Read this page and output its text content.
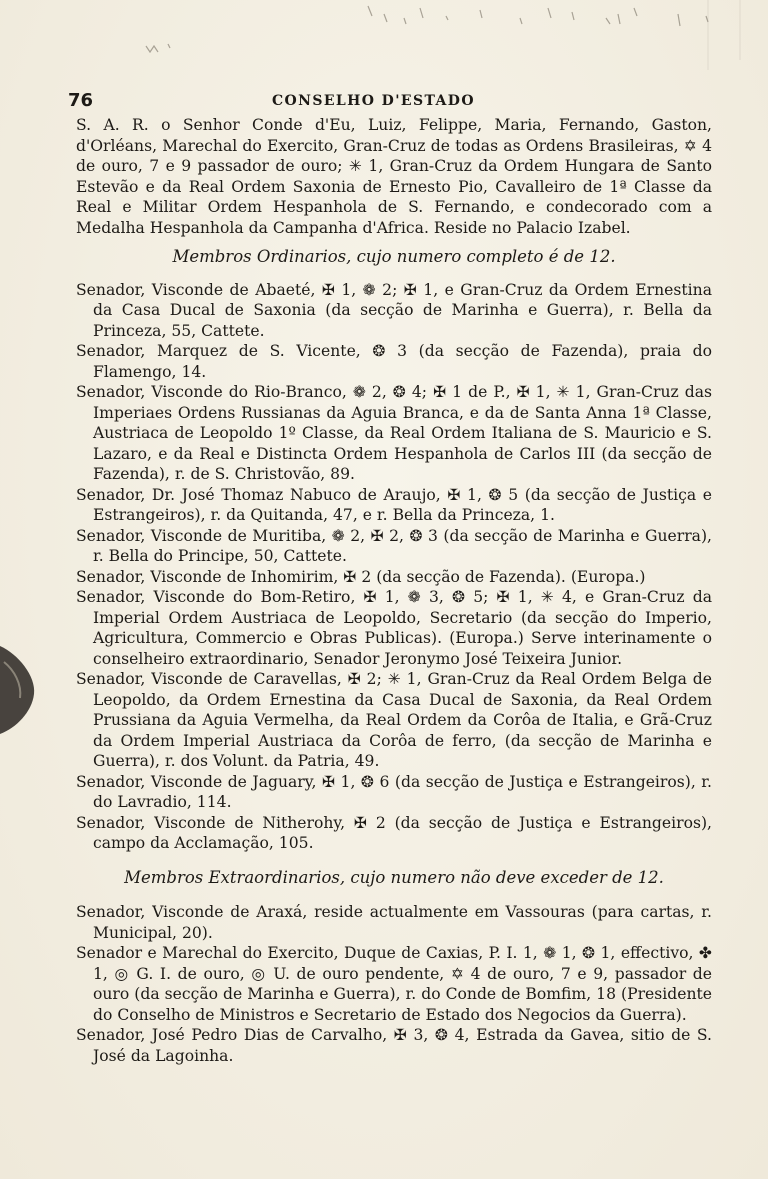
76	CONSELHO D'ESTADO

S. A. R. o Senhor Conde d'Eu, Luiz, Felippe, Maria, Fernando, Gaston, d'Orléans, Marechal do Exercito, Gran-Cruz de todas as Ordens Brasileiras, ✡ 4 de ouro, 7 e 9 passador de ouro; ✳ 1, Gran-Cruz da Ordem Hungara de Santo Estevão e da Real Ordem Saxonia de Ernesto Pio, Cavalleiro de 1ª Classe da Real e Militar Ordem Hespanhola de S. Fernando, e condecorado com a Medalha Hespanhola da Campanha d'Africa. Reside no Palacio Izabel.

Membros Ordinarios, cujo numero completo é de 12.

Senador, Visconde de Abaeté, ✠ 1, ❁ 2; ✠ 1, e Gran-Cruz da Ordem Ernestina da Casa Ducal de Saxonia (da secção de Marinha e Guerra), r. Bella da Princeza, 55, Cattete.

Senador, Marquez de S. Vicente, ❂ 3 (da secção de Fazenda), praia do Flamengo, 14.

Senador, Visconde do Rio-Branco, ❁ 2, ❂ 4; ✠ 1 de P., ✠ 1, ✳ 1, Gran-Cruz das Imperiaes Ordens Russianas da Aguia Branca, e da de Santa Anna 1ª Classe, Austriaca de Leopoldo 1º Classe, da Real Ordem Italiana de S. Mauricio e S. Lazaro, e da Real e Distincta Ordem Hespanhola de Carlos III (da secção de Fazenda), r. de S. Christovão, 89.

Senador, Dr. José Thomaz Nabuco de Araujo, ✠ 1, ❂ 5 (da secção de Justiça e Estrangeiros), r. da Quitanda, 47, e r. Bella da Princeza, 1.

Senador, Visconde de Muritiba, ❁ 2, ✠ 2, ❂ 3 (da secção de Marinha e Guerra), r. Bella do Principe, 50, Cattete.

Senador, Visconde de Inhomirim, ✠ 2 (da secção de Fazenda). (Europa.)

Senador, Visconde do Bom-Retiro, ✠ 1, ❁ 3, ❂ 5; ✠ 1, ✳ 4, e Gran-Cruz da Imperial Ordem Austriaca de Leopoldo, Secretario (da secção do Imperio, Agricultura, Commercio e Obras Publicas). (Europa.) Serve interinamente o conselheiro extraordinario, Senador Jeronymo José Teixeira Junior.

Senador, Visconde de Caravellas, ✠ 2; ✳ 1, Gran-Cruz da Real Ordem Belga de Leopoldo, da Ordem Ernestina da Casa Ducal de Saxonia, da Real Ordem Prussiana da Aguia Vermelha, da Real Ordem da Corôa de Italia, e Grã-Cruz da Ordem Imperial Austriaca da Corôa de ferro, (da secção de Marinha e Guerra), r. dos Volunt. da Patria, 49.

Senador, Visconde de Jaguary, ✠ 1, ❂ 6 (da secção de Justiça e Estrangeiros), r. do Lavradio, 114.

Senador, Visconde de Nitherohy, ✠ 2 (da secção de Justiça e Estrangeiros), campo da Acclamação, 105.

Membros Extraordinarios, cujo numero não deve exceder de 12.

Senador, Visconde de Araxá, reside actualmente em Vassouras (para cartas, r. Municipal, 20).

Senador e Marechal do Exercito, Duque de Caxias, P. I. 1, ❁ 1, ❂ 1, effectivo, ✤ 1, ◎ G. I. de ouro, ◎ U. de ouro pendente, ✡ 4 de ouro, 7 e 9, passador de ouro (da secção de Marinha e Guerra), r. do Conde de Bomfim, 18 (Presidente do Conselho de Ministros e Secretario de Estado dos Negocios da Guerra).

Senador, José Pedro Dias de Carvalho, ✠ 3, ❂ 4, Estrada da Gavea, sitio de S. José da Lagoinha.
